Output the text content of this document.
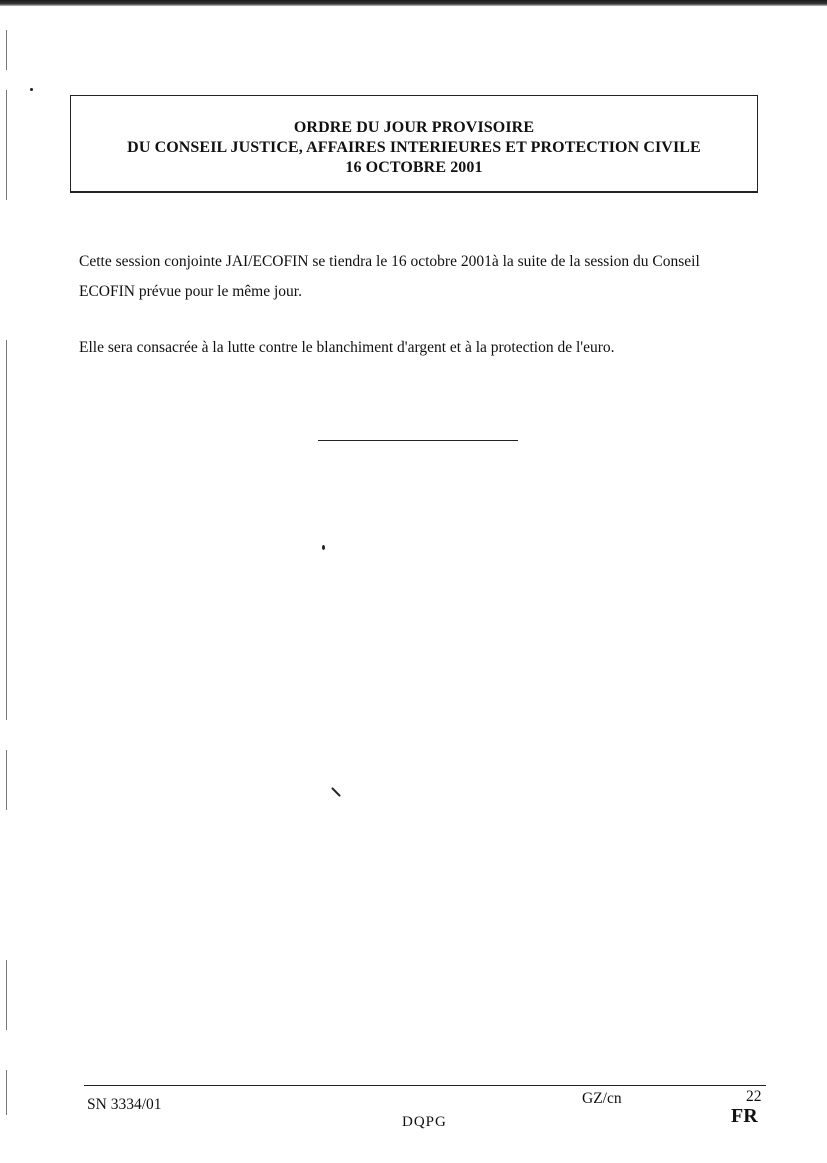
ORDRE DU JOUR PROVISOIRE
DU CONSEIL JUSTICE, AFFAIRES INTERIEURES ET PROTECTION CIVILE
16 OCTOBRE 2001
Cette session conjointe JAI/ECOFIN se tiendra le 16 octobre 2001à la suite de la session du Conseil
ECOFIN prévue pour le même jour.
Elle sera consacrée à la lutte contre le blanchiment d'argent et à la protection de l'euro.
SN 3334/01	GZ/cn	22
DQPG	FR
